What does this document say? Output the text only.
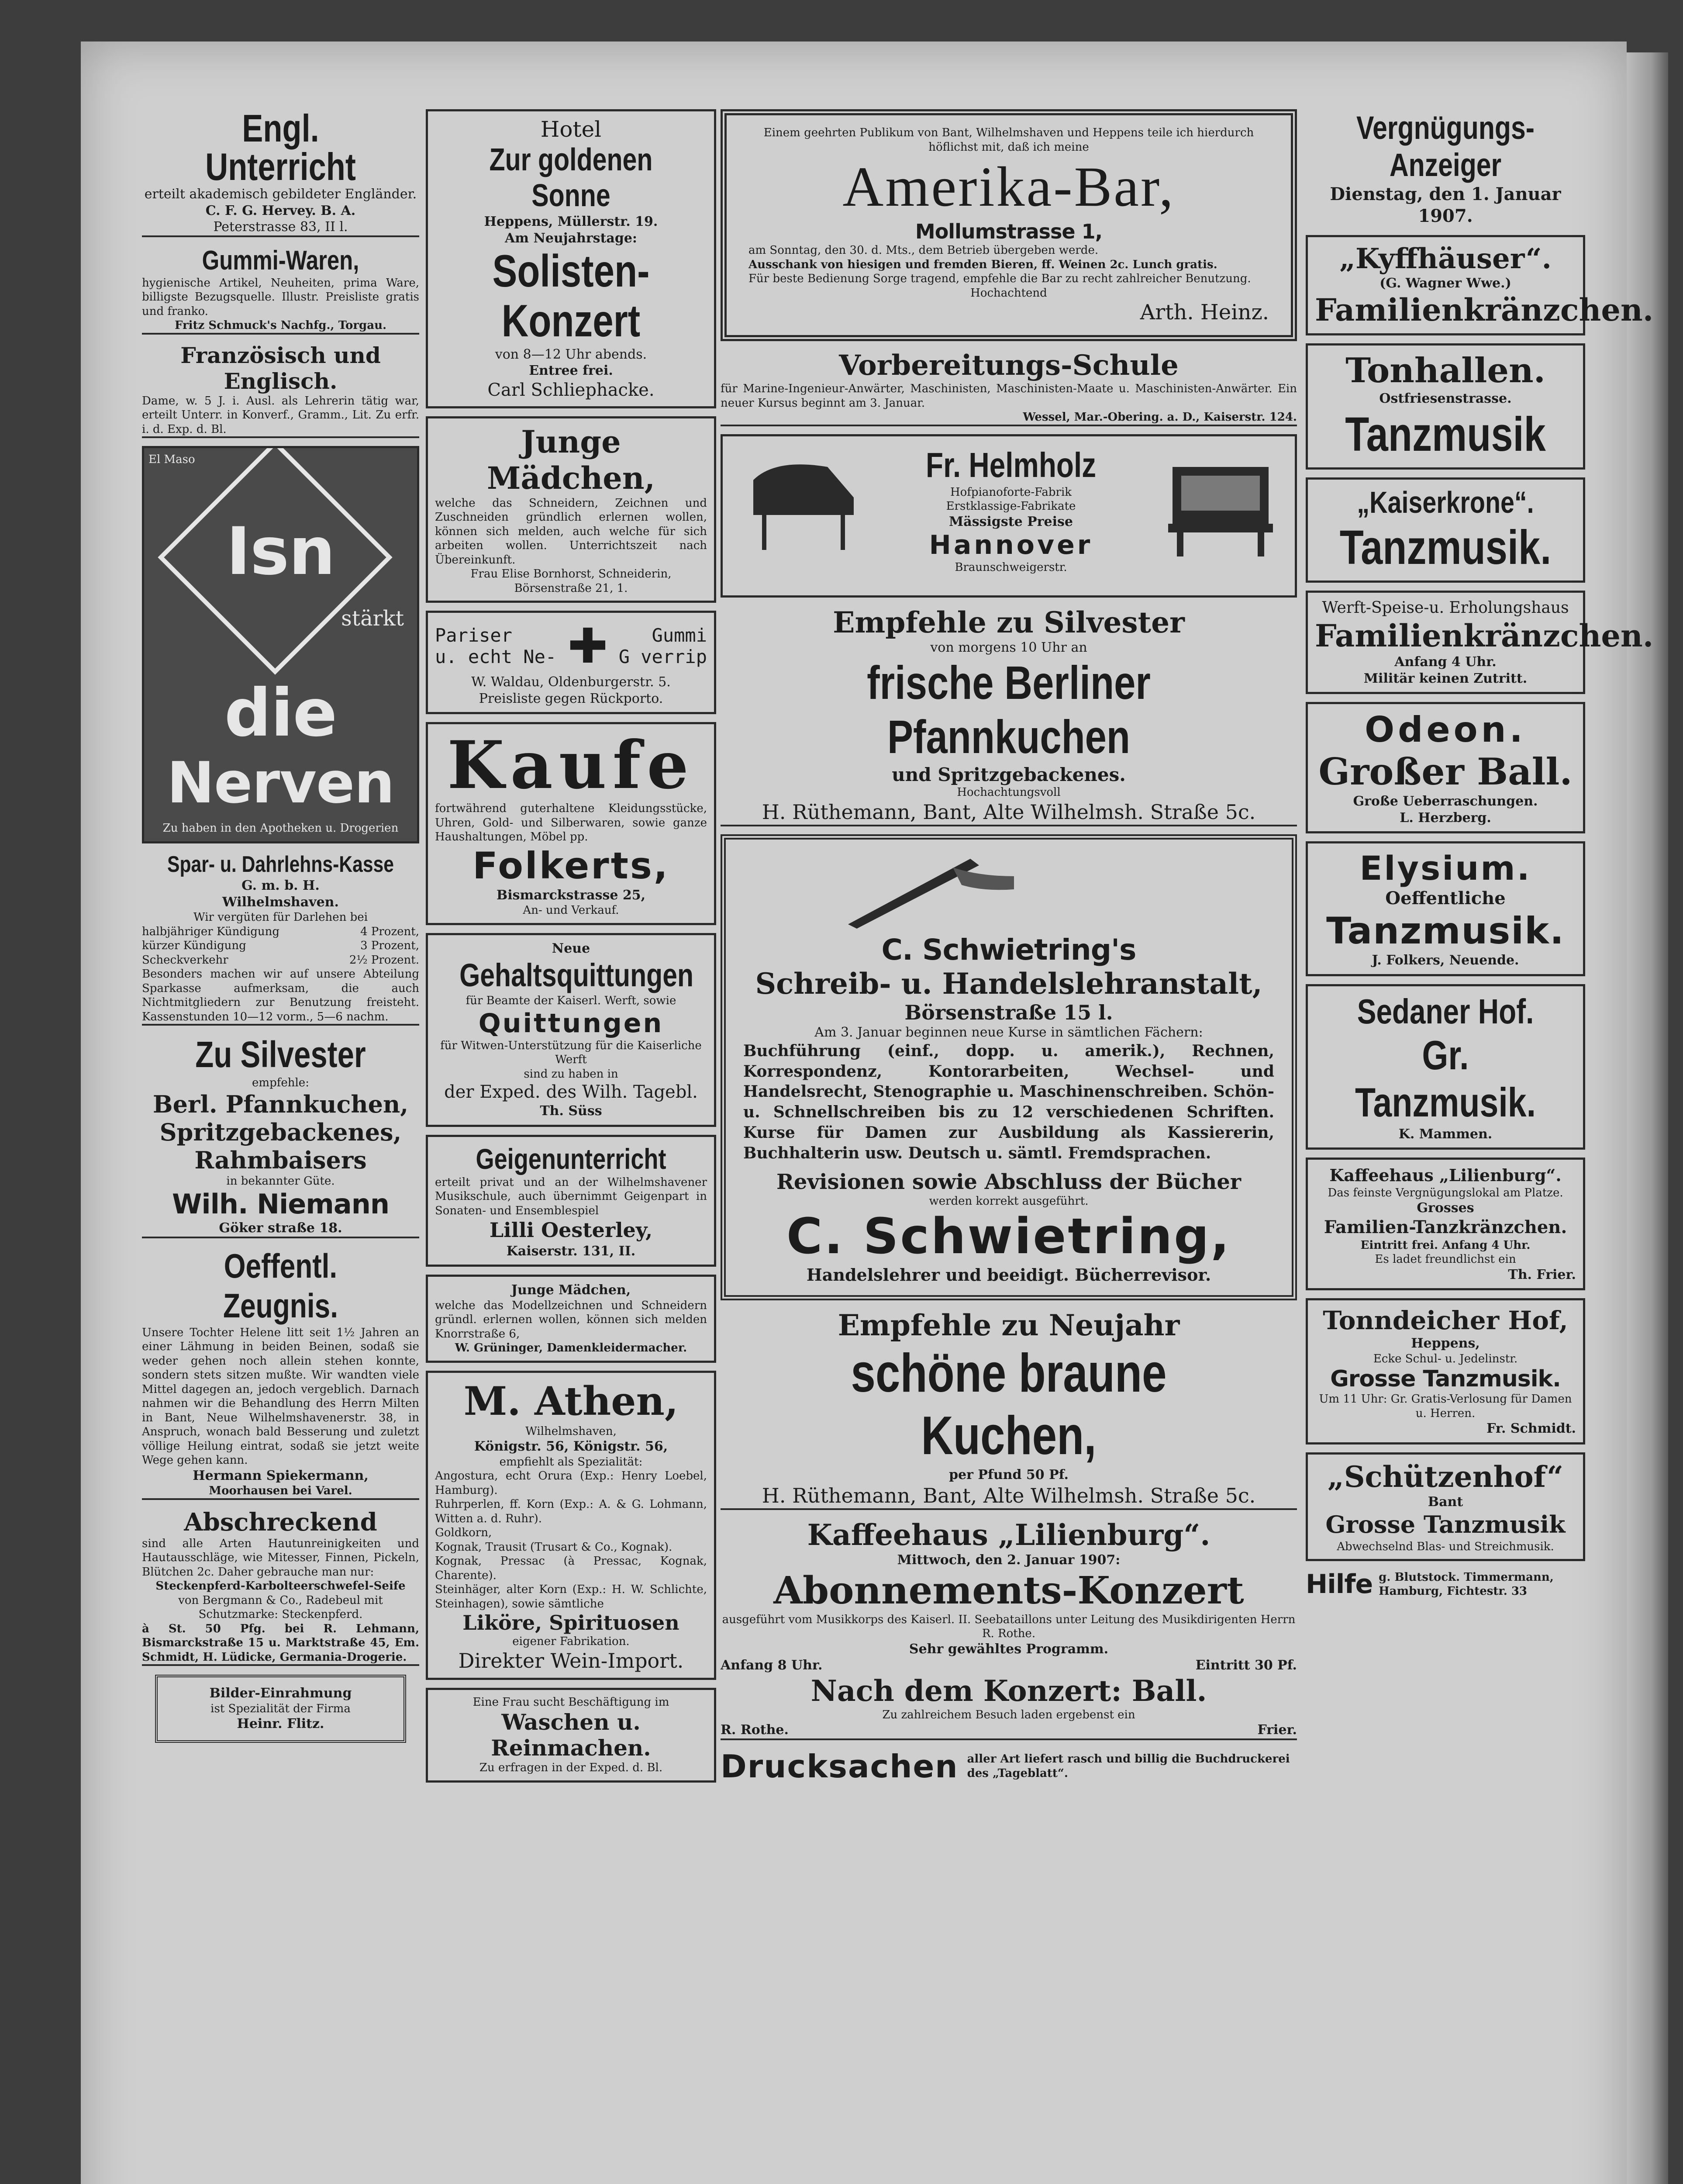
Engl. Unterricht
erteilt akademisch gebildeter Engländer.
C. F. G. Hervey. B. A.
Peterstrasse 83, II l.
Gummi-Waren,
hygienische Artikel, Neuheiten, prima Ware, billigste Bezugsquelle. Illustr. Preisliste gratis und franko.
Fritz Schmuck's Nachfg., Torgau.
Französisch und Englisch.
Dame, w. 5 J. i. Ausl. als Lehrerin tätig war, erteilt Unterr. in Konverf., Gramm., Lit. Zu erfr. i. d. Exp. d. Bl.
El Maso
Isn
stärkt
die
Nerven
Zu haben in den Apotheken u. Drogerien
Spar- u. Dahrlehns-Kasse
G. m. b. H.
Wilhelmshaven.
Wir vergüten für Darlehen bei
halbjähriger Kündigung	4 Prozent,
kürzer Kündigung	3 Prozent,
Scheckverkehr	2½ Prozent.
Besonders machen wir auf unsere Abteilung Sparkasse aufmerksam, die auch Nichtmitgliedern zur Benutzung freisteht. Kassenstunden 10—12 vorm., 5—6 nachm.
Zu Silvester
empfehle:
Berl. Pfannkuchen,
Spritzgebackenes,
Rahmbaisers
in bekannter Güte.
Wilh. Niemann
Göker straße 18.
Oeffentl. Zeugnis.
Unsere Tochter Helene litt seit 1½ Jahren an einer Lähmung in beiden Beinen, sodaß sie weder gehen noch allein stehen konnte, sondern stets sitzen mußte. Wir wandten viele Mittel dagegen an, jedoch vergeblich. Darnach nahmen wir die Behandlung des Herrn Milten in Bant, Neue Wilhelmshavenerstr. 38, in Anspruch, wonach bald Besserung und zuletzt völlige Heilung eintrat, sodaß sie jetzt weite Wege gehen kann.
Hermann Spiekermann,
Moorhausen bei Varel.
Abschreckend
sind alle Arten Hautunreinigkeiten und Hautausschläge, wie Mitesser, Finnen, Pickeln, Blütchen 2c. Daher gebrauche man nur:
Steckenpferd-Karbolteerschwefel-Seife
von Bergmann & Co., Radebeul mit Schutzmarke: Steckenpferd.
à St. 50 Pfg. bei R. Lehmann, Bismarckstraße 15 u. Marktstraße 45, Em. Schmidt, H. Lüdicke, Germania-Drogerie.
Bilder-Einrahmung
ist Spezialität der Firma
Heinr. Flitz.
Hotel
Zur goldenen Sonne
Heppens, Müllerstr. 19.
Am Neujahrstage:
Solisten-Konzert
von 8—12 Uhr abends.
Entree frei.
Carl Schliephacke.
Junge Mädchen,
welche das Schneidern, Zeichnen und Zuschneiden gründlich erlernen wollen, können sich melden, auch welche für sich arbeiten wollen. Unterrichtszeit nach Übereinkunft.
Frau Elise Bornhorst, Schneiderin, Börsenstraße 21, 1.
Pariser
u. echt Ne- ✚	Gummi
G verrip
W. Waldau, Oldenburgerstr. 5.
Preisliste gegen Rückporto.
Kaufe
fortwährend guterhaltene Kleidungsstücke, Uhren, Gold- und Silberwaren, sowie ganze Haushaltungen, Möbel pp.
Folkerts,
Bismarckstrasse 25,
An- und Verkauf.
Neue
Gehaltsquittungen
für Beamte der Kaiserl. Werft, sowie
Quittungen
für Witwen-Unterstützung für die Kaiserliche Werft
sind zu haben in
der Exped. des Wilh. Tagebl.
Th. Süss
Geigenunterricht
erteilt privat und an der Wilhelmshavener Musikschule, auch übernimmt Geigenpart in Sonaten- und Ensemblespiel
Lilli Oesterley,
Kaiserstr. 131, II.
Junge Mädchen,
welche das Modellzeichnen und Schneidern gründl. erlernen wollen, können sich melden Knorrstraße 6,
W. Grüninger, Damenkleidermacher.
M. Athen,
Wilhelmshaven,
Königstr. 56, Königstr. 56,
empfiehlt als Spezialität:
Angostura, echt Orura (Exp.: Henry Loebel, Hamburg).
Ruhrperlen, ff. Korn (Exp.: A. & G. Lohmann, Witten a. d. Ruhr).
Goldkorn,
Kognak, Trausit (Trusart & Co., Kognak).
Kognak, Pressac (à Pressac, Kognak, Charente).
Steinhäger, alter Korn (Exp.: H. W. Schlichte, Steinhagen), sowie sämtliche
Liköre, Spirituosen
eigener Fabrikation.
Direkter Wein-Import.
Eine Frau sucht Beschäftigung im
Waschen u. Reinmachen.
Zu erfragen in der Exped. d. Bl.
Einem geehrten Publikum von Bant, Wilhelmshaven und Heppens teile ich hierdurch höflichst mit, daß ich meine
Amerika-Bar,
Mollumstrasse 1,
am Sonntag, den 30. d. Mts., dem Betrieb übergeben werde.
Ausschank von hiesigen und fremden Bieren, ff. Weinen 2c. Lunch gratis.
Für beste Bedienung Sorge tragend, empfehle die Bar zu recht zahlreicher Benutzung.
Hochachtend
Arth. Heinz.
Vorbereitungs-Schule
für Marine-Ingenieur-Anwärter, Maschinisten, Maschinisten-Maate u. Maschinisten-Anwärter. Ein neuer Kursus beginnt am 3. Januar.
Wessel, Mar.-Obering. a. D., Kaiserstr. 124.
Fr. Helmholz
Hofpianoforte-Fabrik
Erstklassige-Fabrikate
Mässigste Preise
Hannover
Braunschweigerstr.
Empfehle zu Silvester
von morgens 10 Uhr an
frische Berliner Pfannkuchen
und Spritzgebackenes.
Hochachtungsvoll
H. Rüthemann, Bant, Alte Wilhelmsh. Straße 5c.
C. Schwietring's
Schreib- u. Handelslehranstalt,
Börsenstraße 15 l.
Am 3. Januar beginnen neue Kurse in sämtlichen Fächern:
Buchführung (einf., dopp. u. amerik.), Rechnen, Korrespondenz, Kontorarbeiten, Wechsel- und Handelsrecht, Stenographie u. Maschinenschreiben. Schön- u. Schnellschreiben bis zu 12 verschiedenen Schriften. Kurse für Damen zur Ausbildung als Kassiererin, Buchhalterin usw. Deutsch u. sämtl. Fremdsprachen.
Revisionen sowie Abschluss der Bücher
werden korrekt ausgeführt.
C. Schwietring,
Handelslehrer und beeidigt. Bücherrevisor.
Empfehle zu Neujahr
schöne braune Kuchen,
per Pfund 50 Pf.
H. Rüthemann, Bant, Alte Wilhelmsh. Straße 5c.
Kaffeehaus „Lilienburg“.
Mittwoch, den 2. Januar 1907:
Abonnements-Konzert
ausgeführt vom Musikkorps des Kaiserl. II. Seebataillons unter Leitung des Musikdirigenten Herrn R. Rothe.
Sehr gewähltes Programm.
Anfang 8 Uhr.	Eintritt 30 Pf.
Nach dem Konzert: Ball.
Zu zahlreichem Besuch laden ergebenst ein
R. Rothe.	Frier.
Drucksachen aller Art liefert rasch und billig die Buchdruckerei des „Tageblatt“.
Vergnügungs-Anzeiger
Dienstag, den 1. Januar 1907.
„Kyffhäuser“.
(G. Wagner Wwe.)
Familienkränzchen.
Tonhallen.
Ostfriesenstrasse.
Tanzmusik
„Kaiserkrone“.
Tanzmusik.
Werft-Speise-u. Erholungshaus
Familienkränzchen.
Anfang 4 Uhr.
Militär keinen Zutritt.
Odeon. Großer Ball.
Große Ueberraschungen.
L. Herzberg.
Elysium.
Oeffentliche
Tanzmusik.
J. Folkers, Neuende.
Sedaner Hof.
Gr. Tanzmusik.
K. Mammen.
Kaffeehaus „Lilienburg“.
Das feinste Vergnügungslokal am Platze.
Grosses
Familien-Tanzkränzchen.
Eintritt frei. Anfang 4 Uhr.
Es ladet freundlichst ein
Th. Frier.
Tonndeicher Hof,
Heppens,
Ecke Schul- u. Jedelinstr.
Grosse Tanzmusik.
Um 11 Uhr: Gr. Gratis-Verlosung für Damen u. Herren.
Fr. Schmidt.
„Schützenhof“
Bant
Grosse Tanzmusik
Abwechselnd Blas- und Streichmusik.
Hilfe g. Blutstock. Timmermann, Hamburg, Fichtestr. 33
